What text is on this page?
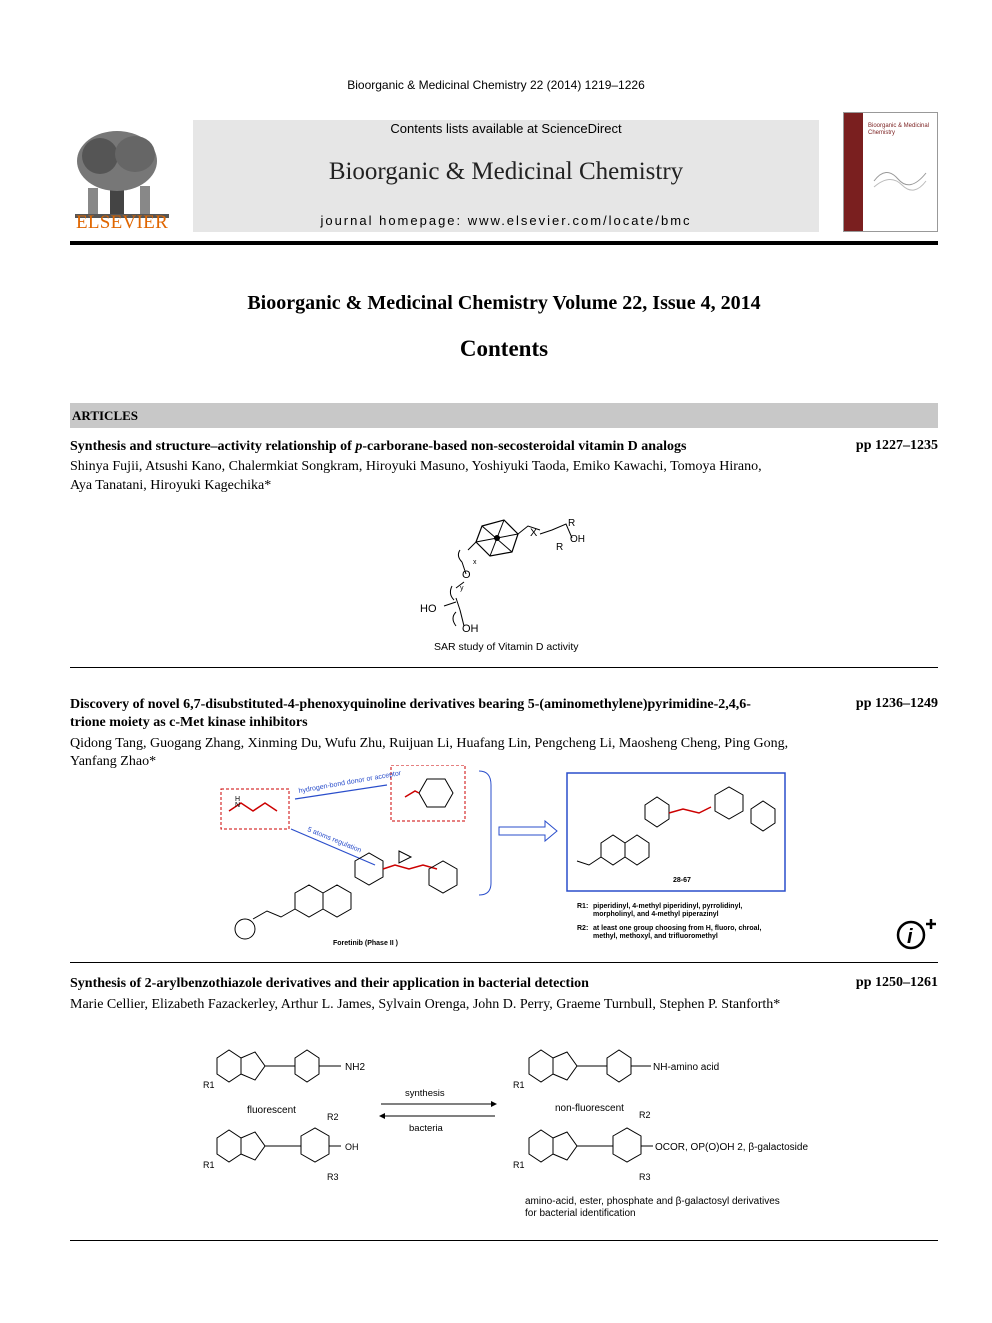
Bioorganic & Medicinal Chemistry 22 (2014) 1219–1226
ELSEVIER
Contents lists available at ScienceDirect
Bioorganic & Medicinal Chemistry
journal homepage: www.elsevier.com/locate/bmc
Bioorganic & Medicinal Chemistry
Bioorganic & Medicinal Chemistry Volume 22, Issue 4, 2014
Contents
ARTICLES
Synthesis and structure–activity relationship of p-carborane-based non-secosteroidal vitamin D analogs	pp 1227–1235
Shinya Fujii, Atsushi Kano, Chalermkiat Songkram, Hiroyuki Masuno, Yoshiyuki Taoda, Emiko Kawachi, Tomoya Hirano,
Aya Tanatani, Hiroyuki Kagechika*
X
R
R
OH
x
O
y
HO
OH
SAR study of Vitamin D activity
Discovery of novel 6,7-disubstituted-4-phenoxyquinoline derivatives bearing 5-(aminomethylene)pyrimidine-2,4,6-
trione moiety as c-Met kinase inhibitors
pp 1236–1249
Qidong Tang, Guogang Zhang, Xinming Du, Wufu Zhu, Ruijuan Li, Huafang Lin, Pengcheng Li, Maosheng Cheng, Ping Gong,
Yanfang Zhao*
H
N
hydrogen-bond donor or acceptor
5 atoms regulation
Foretinib (Phase II )
28-67
R1: piperidinyl, 4-methyl piperidinyl, pyrrolidinyl,
morpholinyl, and 4-methyl piperazinyl
R2: at least one group choosing from H, fluoro, chroal,
methyl, methoxyl, and trifluoromethyl	i
Synthesis of 2-arylbenzothiazole derivatives and their application in bacterial detection	pp 1250–1261
Marie Cellier, Elizabeth Fazackerley, Arthur L. James, Sylvain Orenga, John D. Perry, Graeme Turnbull, Stephen P. Stanforth*
NH2
R1
fluorescent
OH
R2
R3
R1
synthesis
bacteria
NH-amino acid
R1
non-fluorescent
OCOR, OP(O)OH 2, β-galactoside
R2
R3
R1
amino-acid, ester, phosphate and β-galactosyl derivatives
for bacterial identification
